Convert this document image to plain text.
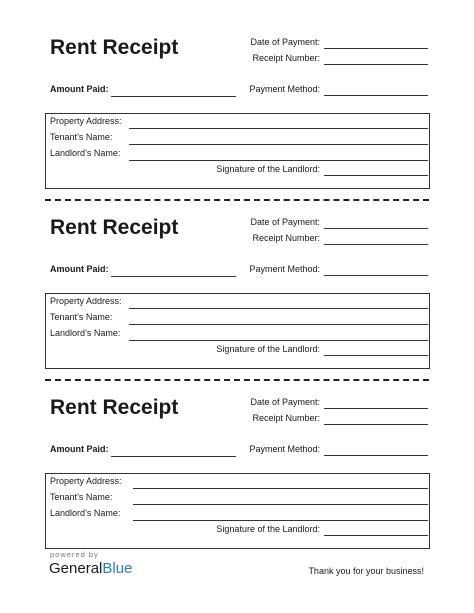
Rent Receipt	Date of Payment:
Receipt Number:
Amount Paid:	Payment Method:
Property Address:
Tenant’s Name:
Landlord’s Name:
Signature of the Landlord:
Rent Receipt	Date of Payment:
Receipt Number:
Amount Paid:	Payment Method:
Property Address:
Tenant’s Name:
Landlord’s Name:
Signature of the Landlord:
Rent Receipt	Date of Payment:
Receipt Number:
Amount Paid:	Payment Method:
Property Address:
Tenant’s Name:
Landlord’s Name:
Signature of the Landlord:
powered by
GeneralBlue	Thank you for your business!
